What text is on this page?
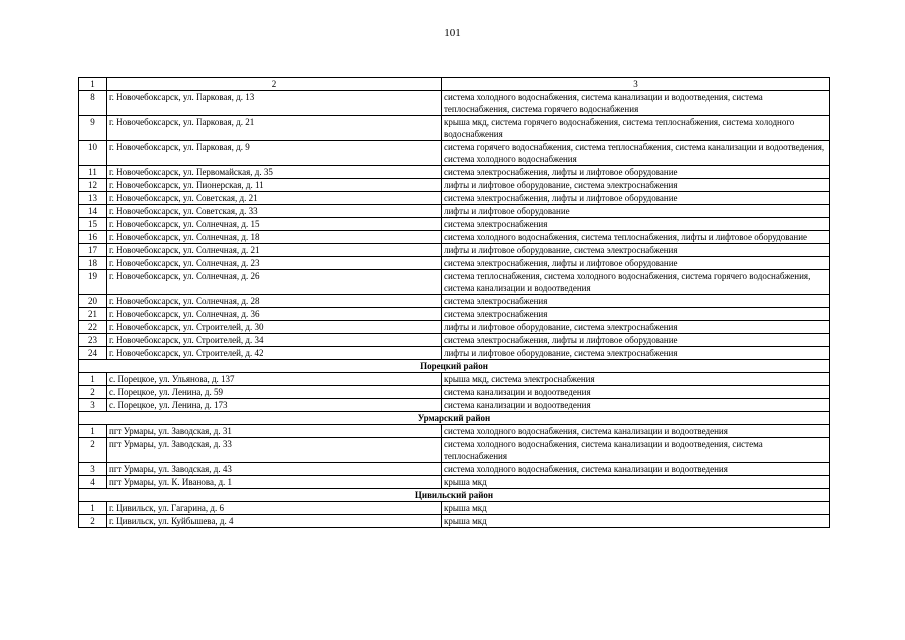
101
1	2	3
8	г. Новочебоксарск, ул. Парковая, д. 13	система холодного водоснабжения, система канализации и водоотведения, система теплоснабжения, система горячего водоснабжения
9	г. Новочебоксарск, ул. Парковая, д. 21	крыша мкд, система горячего водоснабжения, система теплоснабжения, система холодного водоснабжения
10	г. Новочебоксарск, ул. Парковая, д. 9	система горячего водоснабжения, система теплоснабжения, система канализации и водоотведения, система холодного водоснабжения
11	г. Новочебоксарск, ул. Первомайская, д. 35	система электроснабжения, лифты и лифтовое оборудование
12	г. Новочебоксарск, ул. Пионерская, д. 11	лифты и лифтовое оборудование, система электроснабжения
13	г. Новочебоксарск, ул. Советская, д. 21	система электроснабжения, лифты и лифтовое оборудование
14	г. Новочебоксарск, ул. Советская, д. 33	лифты и лифтовое оборудование
15	г. Новочебоксарск, ул. Солнечная, д. 15	система электроснабжения
16	г. Новочебоксарск, ул. Солнечная, д. 18	система холодного водоснабжения, система теплоснабжения, лифты и лифтовое оборудование
17	г. Новочебоксарск, ул. Солнечная, д. 21	лифты и лифтовое оборудование, система электроснабжения
18	г. Новочебоксарск, ул. Солнечная, д. 23	система электроснабжения, лифты и лифтовое оборудование
19	г. Новочебоксарск, ул. Солнечная, д. 26	система теплоснабжения, система холодного водоснабжения, система горячего водоснабжения, система канализации и водоотведения
20	г. Новочебоксарск, ул. Солнечная, д. 28	система электроснабжения
21	г. Новочебоксарск, ул. Солнечная, д. 36	система электроснабжения
22	г. Новочебоксарск, ул. Строителей, д. 30	лифты и лифтовое оборудование, система электроснабжения
23	г. Новочебоксарск, ул. Строителей, д. 34	система электроснабжения, лифты и лифтовое оборудование
24	г. Новочебоксарск, ул. Строителей, д. 42	лифты и лифтовое оборудование, система электроснабжения
Порецкий район		
1	с. Порецкое, ул. Ульянова, д. 137	крыша мкд, система электроснабжения
2	с. Порецкое, ул. Ленина, д. 59	система канализации и водоотведения
3	с. Порецкое, ул. Ленина, д. 173	система канализации и водоотведения
Урмарский район		
1	пгт Урмары, ул. Заводская, д. 31	система холодного водоснабжения, система канализации и водоотведения
2	пгт Урмары, ул. Заводская, д. 33	система холодного водоснабжения, система канализации и водоотведения, система теплоснабжения
3	пгт Урмары, ул. Заводская, д. 43	система холодного водоснабжения, система канализации и водоотведения
4	пгт Урмары, ул. К. Иванова, д. 1	крыша мкд
Цивильский район		
1	г. Цивильск, ул. Гагарина, д. 6	крыша мкд
2	г. Цивильск, ул. Куйбышева, д. 4	крыша мкд
